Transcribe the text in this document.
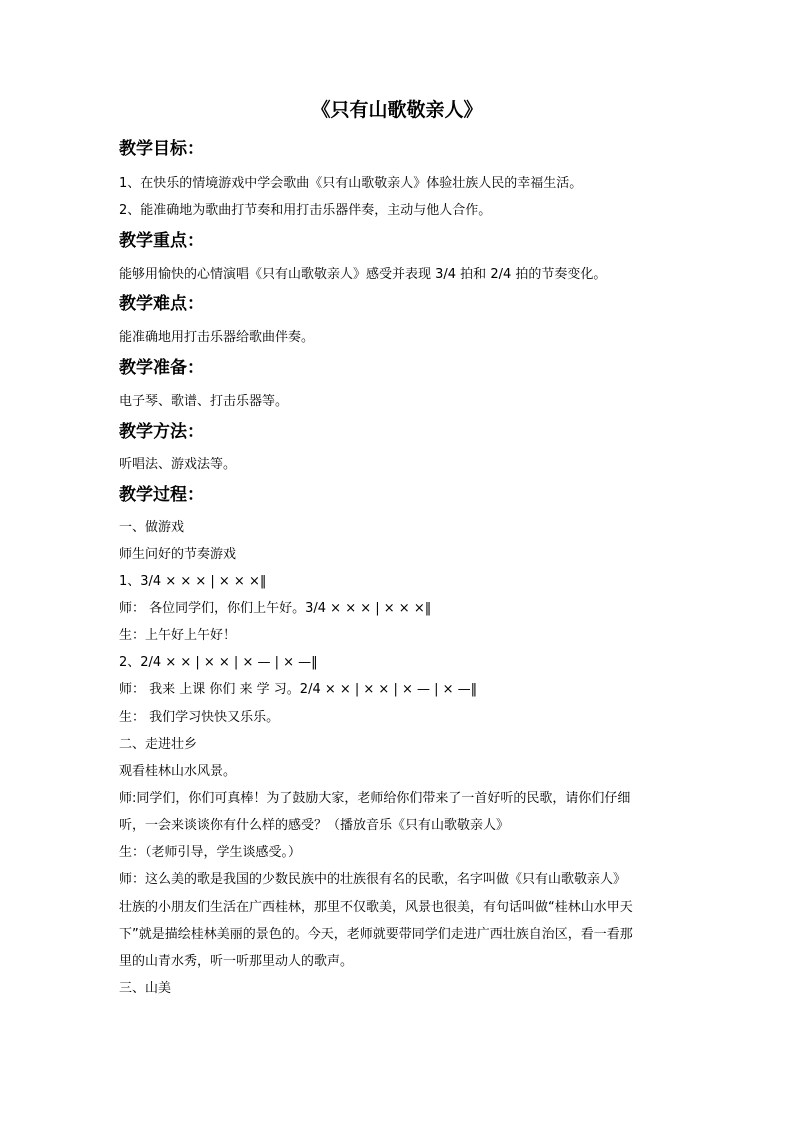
《只有山歌敬亲人》
教学目标：
1、在快乐的情境游戏中学会歌曲《只有山歌敬亲人》体验壮族人民的幸福生活。
2、能准确地为歌曲打节奏和用打击乐器伴奏，主动与他人合作。
教学重点：
能够用愉快的心情演唱《只有山歌敬亲人》感受并表现 3/4 拍和 2/4 拍的节奏变化。
教学难点：
能准确地用打击乐器给歌曲伴奏。
教学准备：
电子琴、歌谱、打击乐器等。
教学方法：
听唱法、游戏法等。
教学过程：
一、做游戏
师生问好的节奏游戏
1、3/4 × × × | × × ×‖
师： 各位同学们，你们上午好。3/4 × × × | × × ×‖
生：上午好上午好！
2、2/4 × × | × × | × — | × —‖
师： 我来 上课 你们 来 学 习。2/4 × × | × × | × — | × —‖
生： 我们学习快快又乐乐。
二、走进壮乡
观看桂林山水风景。
师:同学们，你们可真棒！为了鼓励大家，老师给你们带来了一首好听的民歌，请你们仔细
听，一会来谈谈你有什么样的感受？（播放音乐《只有山歌敬亲人》
生：（老师引导，学生谈感受。）
师：这么美的歌是我国的少数民族中的壮族很有名的民歌，名字叫做《只有山歌敬亲人》
壮族的小朋友们生活在广西桂林，那里不仅歌美，风景也很美，有句话叫做“桂林山水甲天
下”就是描绘桂林美丽的景色的。今天，老师就要带同学们走进广西壮族自治区，看一看那
里的山青水秀，听一听那里动人的歌声。
三、山美
